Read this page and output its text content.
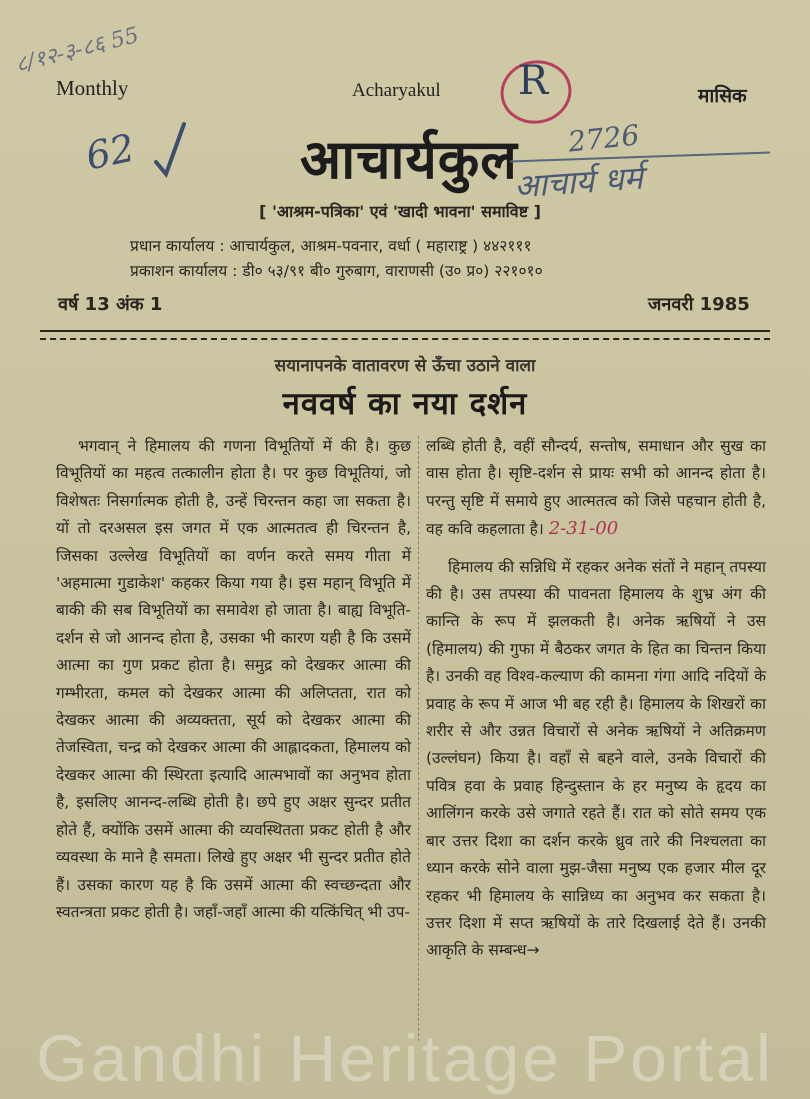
८/१२-३-८६ 55
62
Monthly	Acharyakul	मासिक
R
आचार्यकुल 2726
आचार्य धर्म
[ 'आश्रम-पत्रिका' एवं 'खादी भावना' समाविष्ट ]
प्रधान कार्यालय : आचार्यकुल, आश्रम-पवनार, वर्धा ( महाराष्ट्र ) ४४२१११
प्रकाशन कार्यालय : डी० ५३/९१ बी० गुरुबाग, वाराणसी (उ० प्र०) २२१०१०
वर्ष 13 अंक 1	जनवरी 1985
सयानापनके वातावरण से ऊँचा उठाने वाला
नववर्ष का नया दर्शन

भगवान् ने हिमालय की गणना विभूतियों में की है। कुछ विभूतियों का महत्व तत्कालीन होता है। पर कुछ विभूतियां, जो विशेषतः निसर्गात्मक होती है, उन्हें चिरन्तन कहा जा सकता है। यों तो दरअसल इस जगत में एक आत्मतत्व ही चिरन्तन है, जिसका उल्लेख विभूतियों का वर्णन करते समय गीता में 'अहमात्मा गुडाकेश' कहकर किया गया है। इस महान् विभूति में बाकी की सब विभूतियों का समावेश हो जाता है। बाह्य विभूति-दर्शन से जो आनन्द होता है, उसका भी कारण यही है कि उसमें आत्मा का गुण प्रकट होता है। समुद्र को देखकर आत्मा की गम्भीरता, कमल को देखकर आत्मा की अलिप्तता, रात को देखकर आत्मा की अव्यक्तता, सूर्य को देखकर आत्मा की तेजस्विता, चन्द्र को देखकर आत्मा की आह्लादकता, हिमालय को देखकर आत्मा की स्थिरता इत्यादि आत्मभावों का अनुभव होता है, इसलिए आनन्द-लब्धि होती है। छपे हुए अक्षर सुन्दर प्रतीत होते हैं, क्योंकि उसमें आत्मा की व्यवस्थितता प्रकट होती है और व्यवस्था के माने है समता। लिखे हुए अक्षर भी सुन्दर प्रतीत होते हैं। उसका कारण यह है कि उसमें आत्मा की स्वच्छन्दता और स्वतन्त्रता प्रकट होती है। जहाँ-जहाँ आत्मा की यत्किंचित् भी उप-

लब्धि होती है, वहीं सौन्दर्य, सन्तोष, समाधान और सुख का वास होता है। सृष्टि-दर्शन से प्रायः सभी को आनन्द होता है। परन्तु सृष्टि में समाये हुए आत्मतत्व को जिसे पहचान होती है, वह कवि कहलाता है। 2-31-00

हिमालय की सन्निधि में रहकर अनेक संतों ने महान् तपस्या की है। उस तपस्या की पावनता हिमालय के शुभ्र अंग की कान्ति के रूप में झलकती है। अनेक ऋषियों ने उस (हिमालय) की गुफा में बैठकर जगत के हित का चिन्तन किया है। उनकी वह विश्व-कल्याण की कामना गंगा आदि नदियों के प्रवाह के रूप में आज भी बह रही है। हिमालय के शिखरों का शरीर से और उन्नत विचारों से अनेक ऋषियों ने अतिक्रमण (उल्लंघन) किया है। वहाँ से बहने वाले, उनके विचारों की पवित्र हवा के प्रवाह हिन्दुस्तान के हर मनुष्य के हृदय का आलिंगन करके उसे जगाते रहते हैं। रात को सोते समय एक बार उत्तर दिशा का दर्शन करके ध्रुव तारे की निश्चलता का ध्यान करके सोने वाला मुझ-जैसा मनुष्य एक हजार मील दूर रहकर भी हिमालय के सान्निध्य का अनुभव कर सकता है। उत्तर दिशा में सप्त ऋषियों के तारे दिखलाई देते हैं। उनकी आकृति के सम्बन्ध→

Gandhi Heritage Portal
